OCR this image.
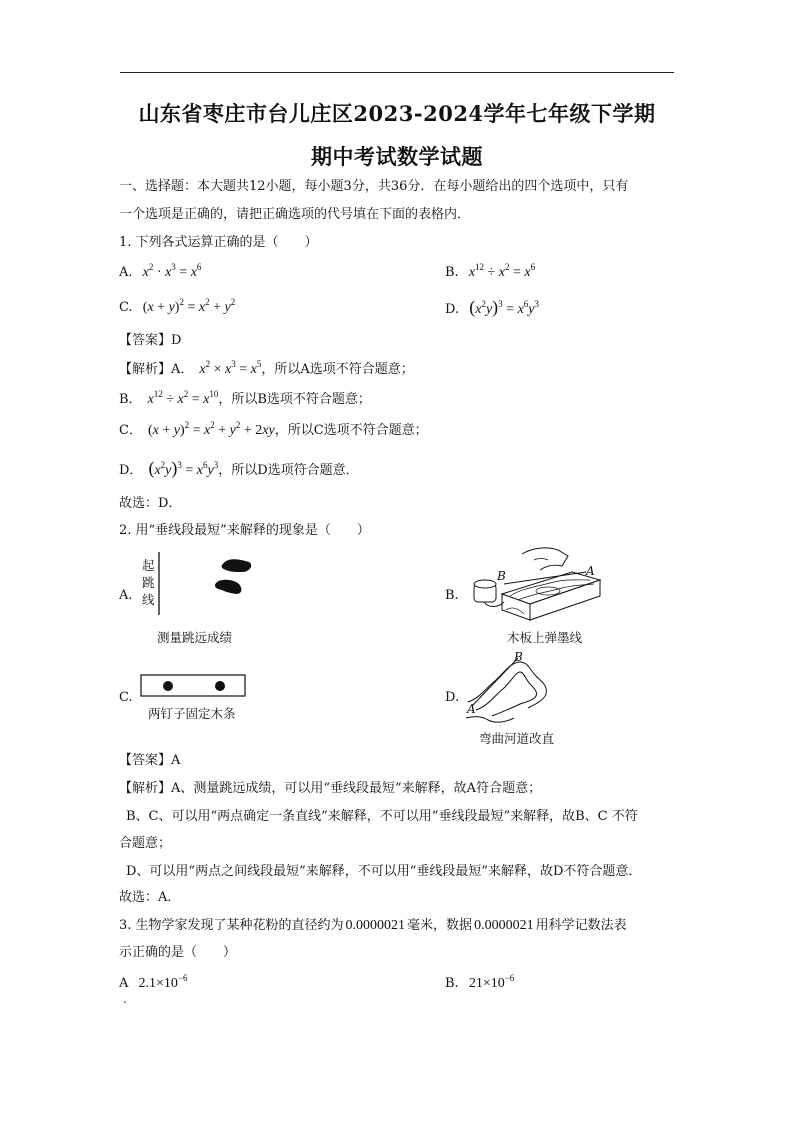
山东省枣庄市台儿庄区2023-2024学年七年级下学期
期中考试数学试题
一、选择题：本大题共12小题，每小题3分，共36分．在每小题给出的四个选项中，只有
一个选项是正确的，请把正确选项的代号填在下面的表格内．
1. 下列各式运算正确的是（　　）
A. $x^2 \cdot x^3 = x^6$	B. $x^{12} \div x^2 = x^6$
C. $(x + y)^2 = x^2 + y^2$	D. $(x^2y)^3 = x^6y^3$
【答案】D
【解析】A． $x^2 \times x^3 = x^5$，所以A选项不符合题意；
B． $x^{12} \div x^2 = x^{10}$，所以B选项不符合题意；
C． $(x + y)^2 = x^2 + y^2 + 2xy$，所以C选项不符合题意；
D． $(x^2y)^3 = x^6y^3$，所以D选项符合题意．
故选：D．
2. 用“垂线段最短”来解释的现象是（　　）
A.
起
跳
线
测量跳远成绩
B.
B	A
木板上弹墨线
C.
两钉子固定木条
D.
B
A
弯曲河道改直
【答案】A
【解析】A、测量跳远成绩，可以用“垂线段最短”来解释，故A符合题意；
B、C、可以用“两点确定一条直线”来解释，不可以用“垂线段最短”来解释，故B、C 不符
合题意；
D、可以用“两点之间线段最短”来解释，不可以用“垂线段最短”来解释，故D不符合题意．
故选：A．
3. 生物学家发现了某种花粉的直径约为 0.0000021 毫米，数据 0.0000021 用科学记数法表
示正确的是（　　）
A $2.1\times 10^{-6}$
.
B. $21\times 10^{-6}$
